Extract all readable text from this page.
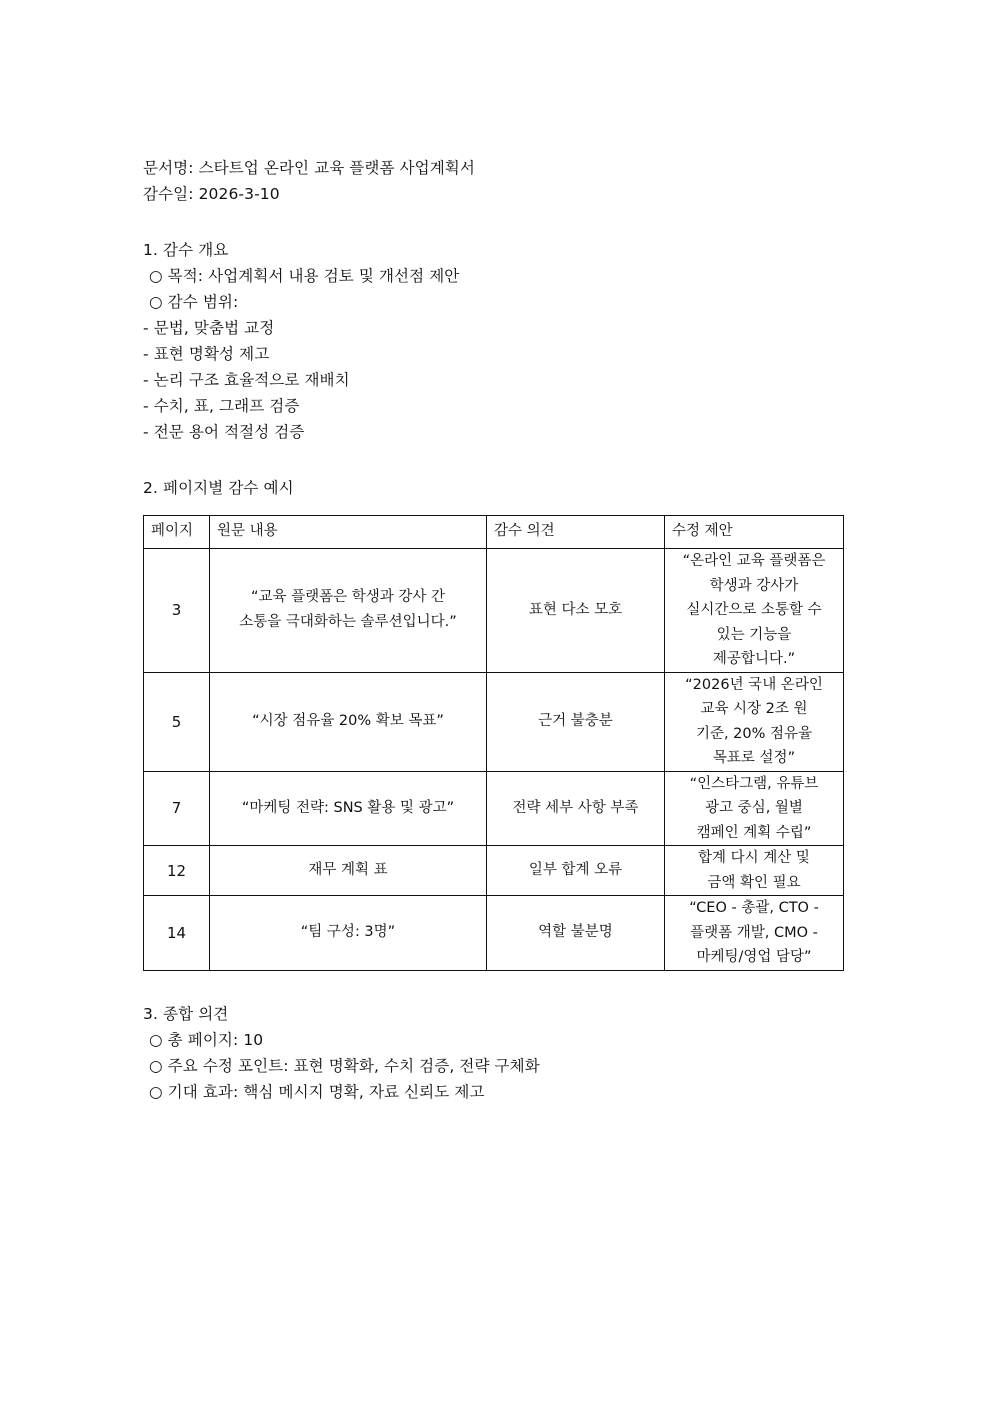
문서명: 스타트업 온라인 교육 플랫폼 사업계획서
감수일: 2026-3-10
1. 감수 개요
○ 목적: 사업계획서 내용 검토 및 개선점 제안
○ 감수 범위:
- 문법, 맞춤법 교정
- 표현 명확성 제고
- 논리 구조 효율적으로 재배치
- 수치, 표, 그래프 검증
- 전문 용어 적절성 검증
2. 페이지별 감수 예시
페이지	원문 내용	감수 의견	수정 제안
3	“교육 플랫폼은 학생과 강사 간
소통을 극대화하는 솔루션입니다.”	표현 다소 모호	“온라인 교육 플랫폼은
학생과 강사가
실시간으로 소통할 수
있는 기능을
제공합니다.”

5	“시장 점유율 20% 확보 목표”	근거 불충분	“2026년 국내 온라인
교육 시장 2조 원
기준, 20% 점유율
목표로 설정”

7	“마케팅 전략: SNS 활용 및 광고”	전략 세부 사항 부족	“인스타그램, 유튜브
광고 중심, 월별
캠페인 계획 수립”

12	재무 계획 표	일부 합계 오류	합계 다시 계산 및
금액 확인 필요

14	“팀 구성: 3명”	역할 불분명	“CEO - 총괄, CTO -
플랫폼 개발, CMO -
마케팅/영업 담당”
3. 종합 의견
○ 총 페이지: 10
○ 주요 수정 포인트: 표현 명확화, 수치 검증, 전략 구체화
○ 기대 효과: 핵심 메시지 명확, 자료 신뢰도 제고
